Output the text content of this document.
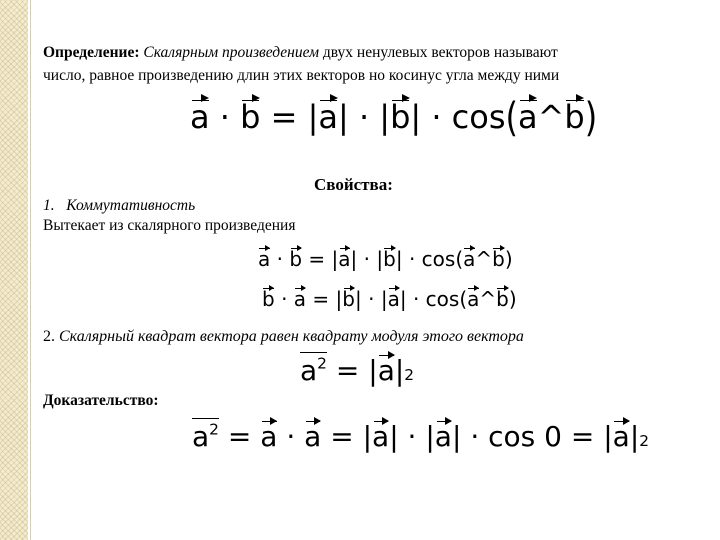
Определение: Скалярным произведением двух ненулевых векторов называют
число, равное произведению длин этих векторов но косинус угла между ними
a
·
b
=
| a |
·
| b |
·
cos ( a ^ b )
Свойства:
1. Коммутативность
Вытекает из скалярного произведения
a
·
b
=
| a |
·
| b |
·
cos ( a ^ b )
b
·
a
=
| b |
·
| a |
·
cos ( a ^ b )
2. Скалярный квадрат вектора равен квадрату модуля этого вектора
$a^2$
=
| a | 2
Доказательство:
$a^2$
=
a
·
a
=
| a |
·
| a |
·
cos 0
=
| a | 2
